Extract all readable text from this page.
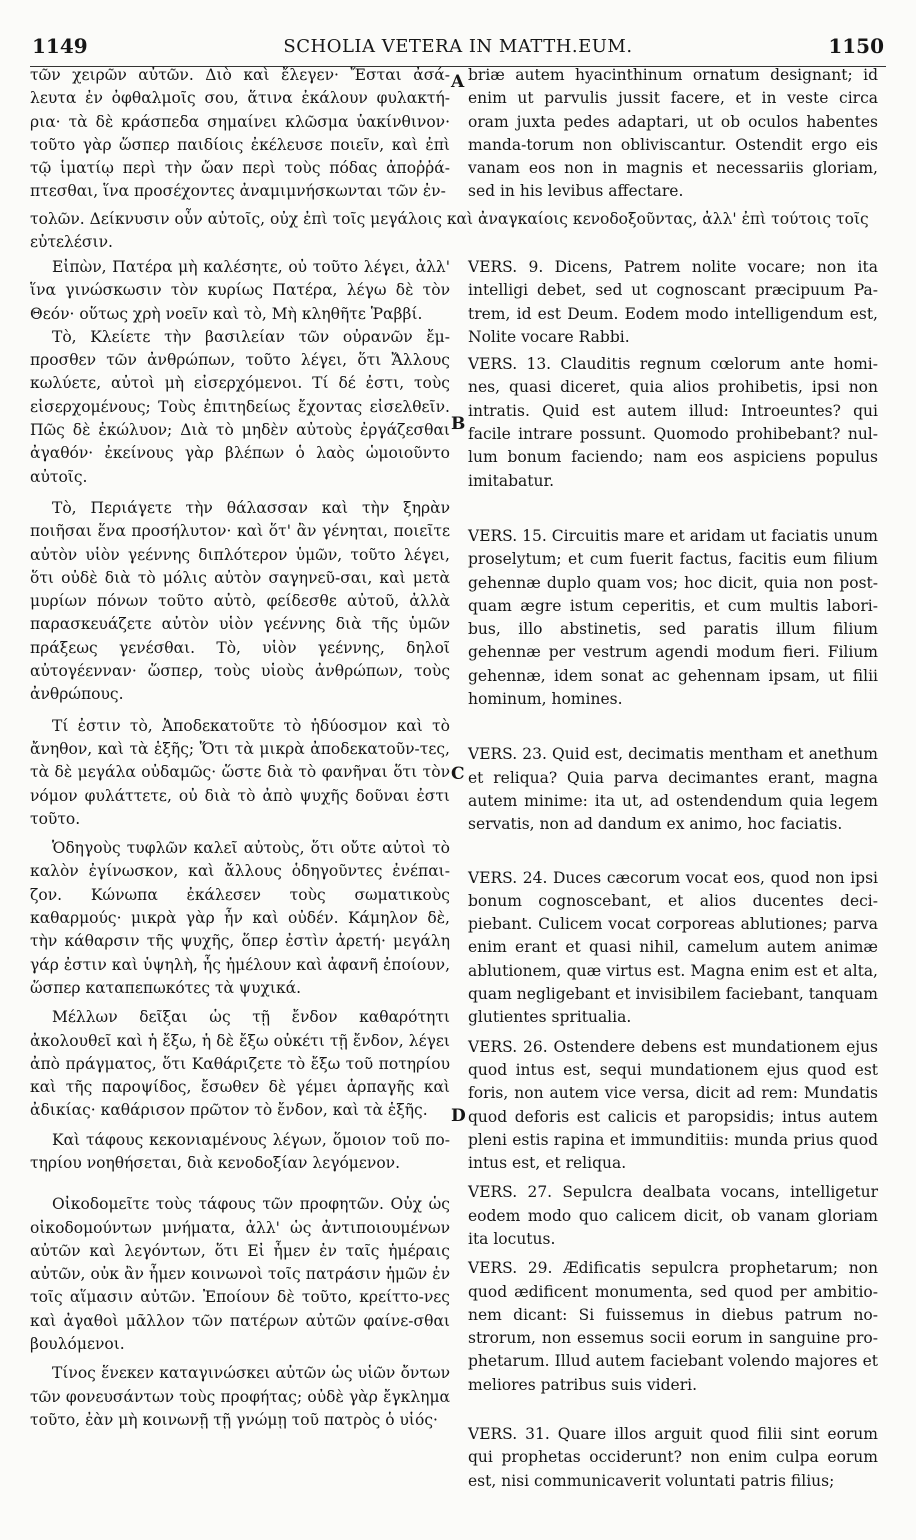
1149	SCHOLIA VETERA IN MATTH.EUM.	1150

τῶν χειρῶν αὐτῶν. Διὸ καὶ ἔλεγεν· Ἔσται ἀσά-λευτα ἐν ὀφθαλμοῖς σου, ἅτινα ἐκάλουν φυλακτή-ρια· τὰ δὲ κράσπεδα σημαίνει κλῶσμα ὑακίνθινον· τοῦτο γὰρ ὥσπερ παιδίοις ἐκέλευσε ποιεῖν, καὶ ἐπὶ τῷ ἱματίῳ περὶ τὴν ὤαν περὶ τοὺς πόδας ἀποῤῥά-πτεσθαι, ἵνα προσέχοντες ἀναμιμνήσκωνται τῶν ἐν-

briæ autem hyacinthinum ornatum designant; id enim ut parvulis jussit facere, et in veste circa oram juxta pedes adaptari, ut ob oculos habentes manda-torum non obliviscantur. Ostendit ergo eis vanam eos non in magnis et necessariis gloriam, sed in his levibus affectare.

τολῶν. Δείκνυσιν οὖν αὐτοῖς, οὐχ ἐπὶ τοῖς μεγάλοις καὶ ἀναγκαίοις κενοδοξοῦντας, ἀλλ' ἐπὶ τούτοις τοῖς
εὐτελέσιν.

Εἰπὼν, Πατέρα μὴ καλέσητε, οὐ τοῦτο λέγει, ἀλλ' ἵνα γινώσκωσιν τὸν κυρίως Πατέρα, λέγω δὲ τὸν Θεόν· οὕτως χρὴ νοεῖν καὶ τὸ, Μὴ κληθῆτε Ῥαββί.

Τὸ, Κλείετε τὴν βασιλείαν τῶν οὐρανῶν ἔμ-προσθεν τῶν ἀνθρώπων, τοῦτο λέγει, ὅτι Ἄλλους κωλύετε, αὐτοὶ μὴ εἰσερχόμενοι. Τί δέ ἐστι, τοὺς εἰσερχομένους; Τοὺς ἐπιτηδείως ἔχοντας εἰσελθεῖν. Πῶς δὲ ἐκώλυον; Διὰ τὸ μηδὲν αὐτοὺς ἐργάζεσθαι ἀγαθόν· ἐκείνους γὰρ βλέπων ὁ λαὸς ὡμοιοῦντο αὐτοῖς.

Τὸ, Περιάγετε τὴν θάλασσαν καὶ τὴν ξηρὰν ποιῆσαι ἕνα προσήλυτον· καὶ ὅτ' ἂν γένηται, ποιεῖτε αὐτὸν υἱὸν γεέννης διπλότερον ὑμῶν, τοῦτο λέγει, ὅτι οὐδὲ διὰ τὸ μόλις αὐτὸν σαγηνεῦ-σαι, καὶ μετὰ μυρίων πόνων τοῦτο αὐτὸ, φείδεσθε αὐτοῦ, ἀλλὰ παρασκευάζετε αὐτὸν υἱὸν γεέννης διὰ τῆς ὑμῶν πράξεως γενέσθαι. Τὸ, υἱὸν γεέννης, δηλοῖ αὐτογέενναν· ὥσπερ, τοὺς υἱοὺς ἀνθρώπων, τοὺς ἀνθρώπους.

Τί ἐστιν τὸ, Ἀποδεκατοῦτε τὸ ἡδύοσμον καὶ τὸ ἄνηθον, καὶ τὰ ἑξῆς; Ὅτι τὰ μικρὰ ἀποδεκατοῦν-τες, τὰ δὲ μεγάλα οὐδαμῶς· ὥστε διὰ τὸ φανῆναι ὅτι τὸν νόμον φυλάττετε, οὐ διὰ τὸ ἀπὸ ψυχῆς δοῦναι ἐστι τοῦτο.

Ὁδηγοὺς τυφλῶν καλεῖ αὐτοὺς, ὅτι οὔτε αὐτοὶ τὸ καλὸν ἐγίνωσκον, καὶ ἄλλους ὁδηγοῦντες ἐνέπαι-ζον. Κώνωπα ἐκάλεσεν τοὺς σωματικοὺς καθαρμούς· μικρὰ γὰρ ἦν καὶ οὐδέν. Κάμηλον δὲ, τὴν κάθαρσιν τῆς ψυχῆς, ὅπερ ἐστὶν ἀρετή· μεγάλη γάρ ἐστιν καὶ ὑψηλὴ, ἧς ἠμέλουν καὶ ἀφανῆ ἐποίουν, ὥσπερ καταπεπωκότες τὰ ψυχικά.

Μέλλων δεῖξαι ὡς τῇ ἔνδον καθαρότητι ἀκολουθεῖ καὶ ἡ ἔξω, ἡ δὲ ἔξω οὐκέτι τῇ ἔνδον, λέγει ἀπὸ πράγματος, ὅτι Καθάριζετε τὸ ἔξω τοῦ ποτηρίου καὶ τῆς παροψίδος, ἔσωθεν δὲ γέμει ἁρπαγῆς καὶ ἀδικίας· καθάρισον πρῶτον τὸ ἔνδον, καὶ τὰ ἑξῆς.

Καὶ τάφους κεκονιαμένους λέγων, ὅμοιον τοῦ πο-τηρίου νοηθήσεται, διὰ κενοδοξίαν λεγόμενον.

Οἰκοδομεῖτε τοὺς τάφους τῶν προφητῶν. Οὐχ ὡς οἰκοδομούντων μνήματα, ἀλλ' ὡς ἀντιποιουμένων αὐτῶν καὶ λεγόντων, ὅτι Εἰ ἦμεν ἐν ταῖς ἡμέραις αὐτῶν, οὐκ ἂν ἦμεν κοινωνοὶ τοῖς πατράσιν ἡμῶν ἐν τοῖς αἵμασιν αὐτῶν. Ἐποίουν δὲ τοῦτο, κρείττο-νες καὶ ἀγαθοὶ μᾶλλον τῶν πατέρων αὐτῶν φαίνε-σθαι βουλόμενοι.

Τίνος ἕνεκεν καταγινώσκει αὐτῶν ὡς υἱῶν ὄντων τῶν φονευσάντων τοὺς προφήτας; οὐδὲ γὰρ ἔγκλημα τοῦτο, ἐὰν μὴ κοινωνῇ τῇ γνώμῃ τοῦ πατρὸς ὁ υἱός·

VERS. 9. Dicens, Patrem nolite vocare; non ita intelligi debet, sed ut cognoscant præcipuum Pa-trem, id est Deum. Eodem modo intelligendum est, Nolite vocare Rabbi.

VERS. 13. Clauditis regnum cœlorum ante homi-nes, quasi diceret, quia alios prohibetis, ipsi non intratis. Quid est autem illud: Introeuntes? qui facile intrare possunt. Quomodo prohibebant? nul-lum bonum faciendo; nam eos aspiciens populus imitabatur.

VERS. 15. Circuitis mare et aridam ut faciatis unum proselytum; et cum fuerit factus, facitis eum filium gehennæ duplo quam vos; hoc dicit, quia non post-quam ægre istum ceperitis, et cum multis labori-bus, illo abstinetis, sed paratis illum filium gehennæ per vestrum agendi modum fieri. Filium gehennæ, idem sonat ac gehennam ipsam, ut filii hominum, homines.

VERS. 23. Quid est, decimatis mentham et anethum et reliqua? Quia parva decimantes erant, magna autem minime: ita ut, ad ostendendum quia legem servatis, non ad dandum ex animo, hoc faciatis.

VERS. 24. Duces cæcorum vocat eos, quod non ipsi bonum cognoscebant, et alios ducentes deci-piebant. Culicem vocat corporeas ablutiones; parva enim erant et quasi nihil, camelum autem animæ ablutionem, quæ virtus est. Magna enim est et alta, quam negligebant et invisibilem faciebant, tanquam glutientes spritualia.

VERS. 26. Ostendere debens est mundationem ejus quod intus est, sequi mundationem ejus quod est foris, non autem vice versa, dicit ad rem: Mundatis quod deforis est calicis et paropsidis; intus autem pleni estis rapina et immunditiis: munda prius quod intus est, et reliqua.

VERS. 27. Sepulcra dealbata vocans, intelligetur eodem modo quo calicem dicit, ob vanam gloriam ita locutus.

VERS. 29. Ædificatis sepulcra prophetarum; non quod ædificent monumenta, sed quod per ambitio-nem dicant: Si fuissemus in diebus patrum no-strorum, non essemus socii eorum in sanguine pro-phetarum. Illud autem faciebant volendo majores et meliores patribus suis videri.

VERS. 31. Quare illos arguit quod filii sint eorum qui prophetas occiderunt? non enim culpa eorum est, nisi communicaverit voluntati patris filius;

A
B
C
D
